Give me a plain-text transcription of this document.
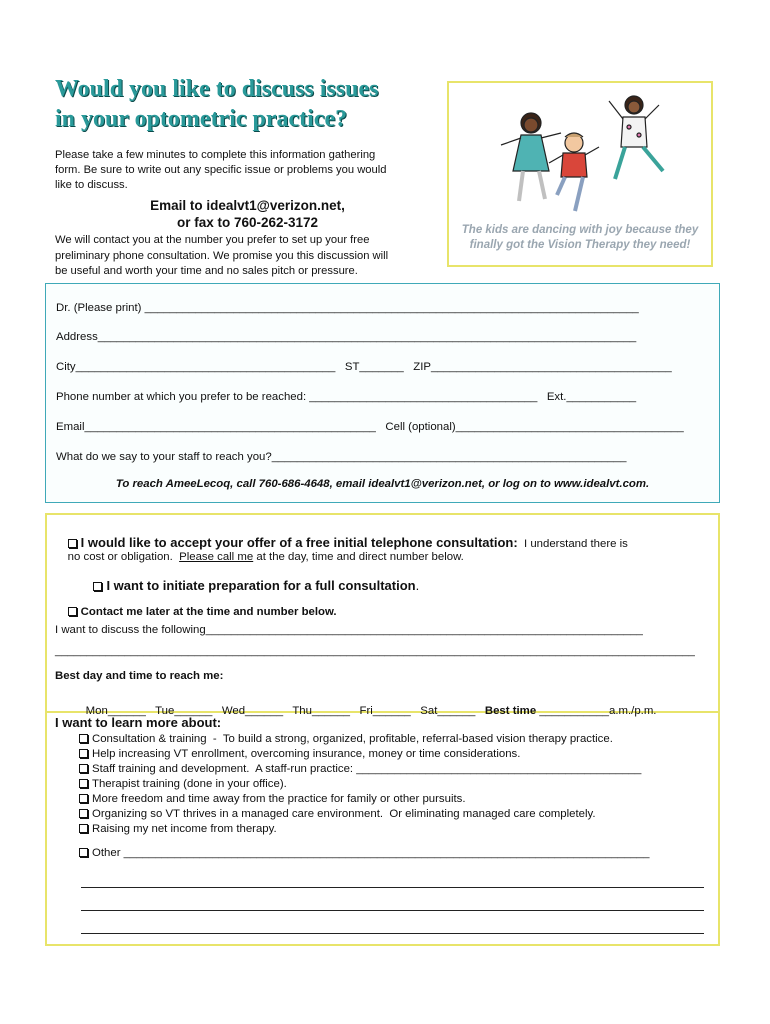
Would you like to discuss issues
in your optometric practice?
Please take a few minutes to complete this information gathering
form. Be sure to write out any specific issue or problems you would
like to discuss.
Email to idealvt1@verizon.net,
or fax to 760-262-3172
We will contact you at the number you prefer to set up your free
preliminary phone consultation. We promise you this discussion will
be useful and worth your time and no sales pitch or pressure.
The kids are dancing with joy because they
finally got the Vision Therapy they need!
Dr. (Please print) ______________________________________________________________________________
Address_____________________________________________________________________________________
City_________________________________________   ST_______   ZIP______________________________________
Phone number at which you prefer to be reached: ____________________________________   Ext.___________
Email______________________________________________   Cell (optional)____________________________________
What do we say to your staff to reach you?________________________________________________________
To reach AmeeLecoq, call 760-686-4648, email idealvt1@verizon.net, or log on to www.idealvt.com.

I would like to accept your offer of a free initial telephone consultation:  I understand there is

no cost or obligation.  Please call me at the day, time and direct number below.

I want to initiate preparation for a full consultation.

Contact me later at the time and number below.

I want to discuss the following_____________________________________________________________________
_____________________________________________________________________________________________________
Best day and time to reach me:

Mon______   Tue______   Wed______   Thu______   Fri______   Sat______ Best time ___________a.m./p.m.

I want to learn more about:
Consultation & training  -  To build a strong, organized, profitable, referral-based vision therapy practice.
Help increasing VT enrollment, overcoming insurance, money or time considerations.
Staff training and development.  A staff-run practice: _____________________________________________
Therapist training (done in your office).
More freedom and time away from the practice for family or other pursuits.
Organizing so VT thrives in a managed care environment.  Or eliminating managed care completely.
Raising my net income from therapy.
Other ___________________________________________________________________________________
